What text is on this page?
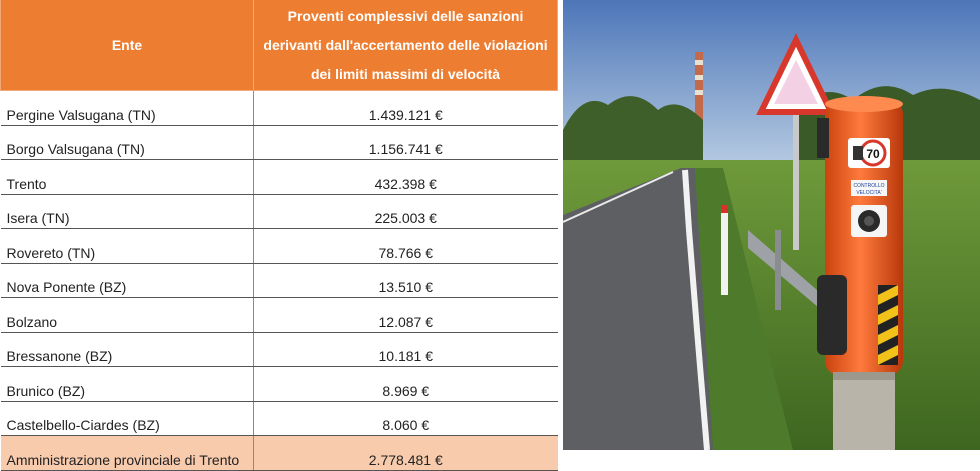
Ente	Proventi complessivi delle sanzioni
derivanti dall'accertamento delle violazioni
dei limiti massimi di velocità

Pergine Valsugana (TN)	1.439.121 €
Borgo Valsugana (TN)	1.156.741 €
Trento	432.398 €
Isera (TN)	225.003 €
Rovereto (TN)	78.766 €
Nova Ponente (BZ)	13.510 €
Bolzano	12.087 €
Bressanone (BZ)	10.181 €
Brunico (BZ)	8.969 €
Castelbello-Ciardes (BZ)	8.060 €
Amministrazione provinciale di Trento	2.778.481 €
70
CONTROLLO
VELOCITA'
